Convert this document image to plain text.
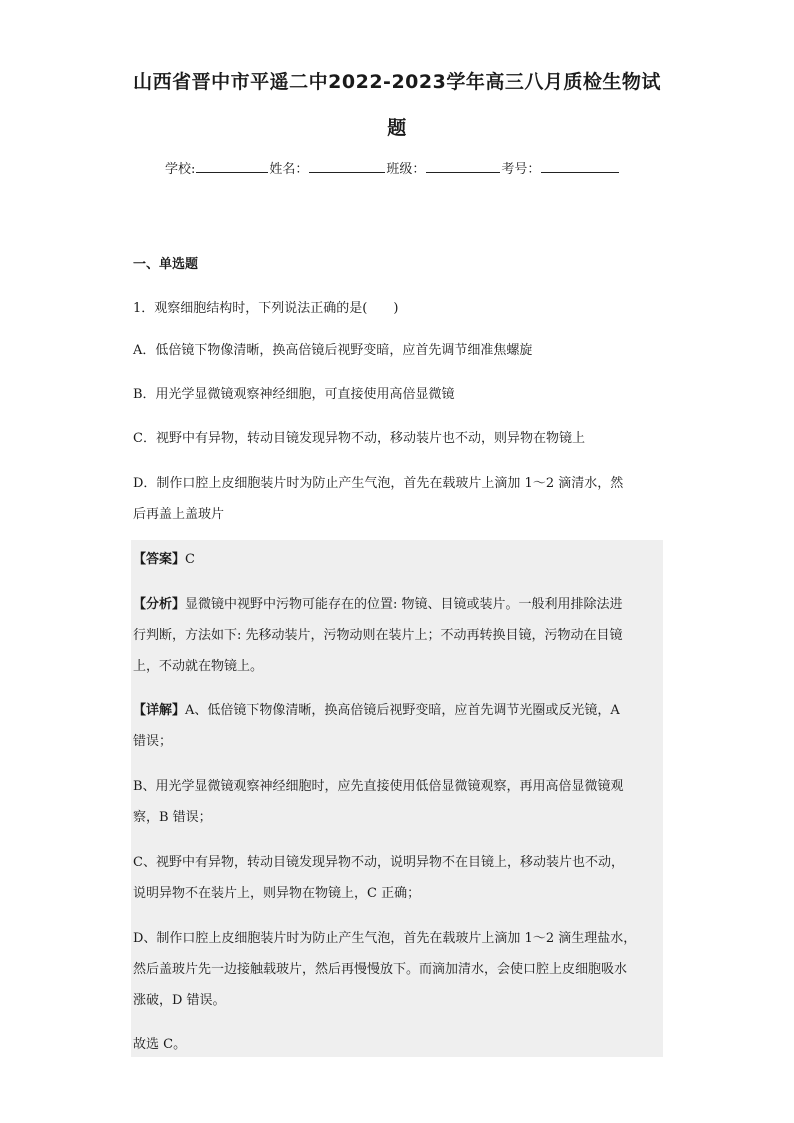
山西省晋中市平遥二中2022-2023学年高三八月质检生物试
题
学校:	姓名：	班级：	考号：
一、单选题
1．观察细胞结构时，下列说法正确的是(　　)
A．低倍镜下物像清晰，换高倍镜后视野变暗，应首先调节细准焦螺旋
B．用光学显微镜观察神经细胞，可直接使用高倍显微镜
C．视野中有异物，转动目镜发现异物不动，移动装片也不动，则异物在物镜上
D．制作口腔上皮细胞装片时为防止产生气泡，首先在载玻片上滴加 1～2 滴清水，然
后再盖上盖玻片
【答案】C
【分析】显微镜中视野中污物可能存在的位置: 物镜、目镜或装片。一般利用排除法进
行判断，方法如下: 先移动装片，污物动则在装片上；不动再转换目镜，污物动在目镜
上，不动就在物镜上。
【详解】A、低倍镜下物像清晰，换高倍镜后视野变暗，应首先调节光圈或反光镜，A
错误；
B、用光学显微镜观察神经细胞时，应先直接使用低倍显微镜观察，再用高倍显微镜观
察，B 错误；
C、视野中有异物，转动目镜发现异物不动，说明异物不在目镜上，移动装片也不动，
说明异物不在装片上，则异物在物镜上，C 正确；
D、制作口腔上皮细胞装片时为防止产生气泡，首先在载玻片上滴加 1～2 滴生理盐水，
然后盖玻片先一边接触载玻片，然后再慢慢放下。而滴加清水，会使口腔上皮细胞吸水
涨破，D 错误。
故选 C。
